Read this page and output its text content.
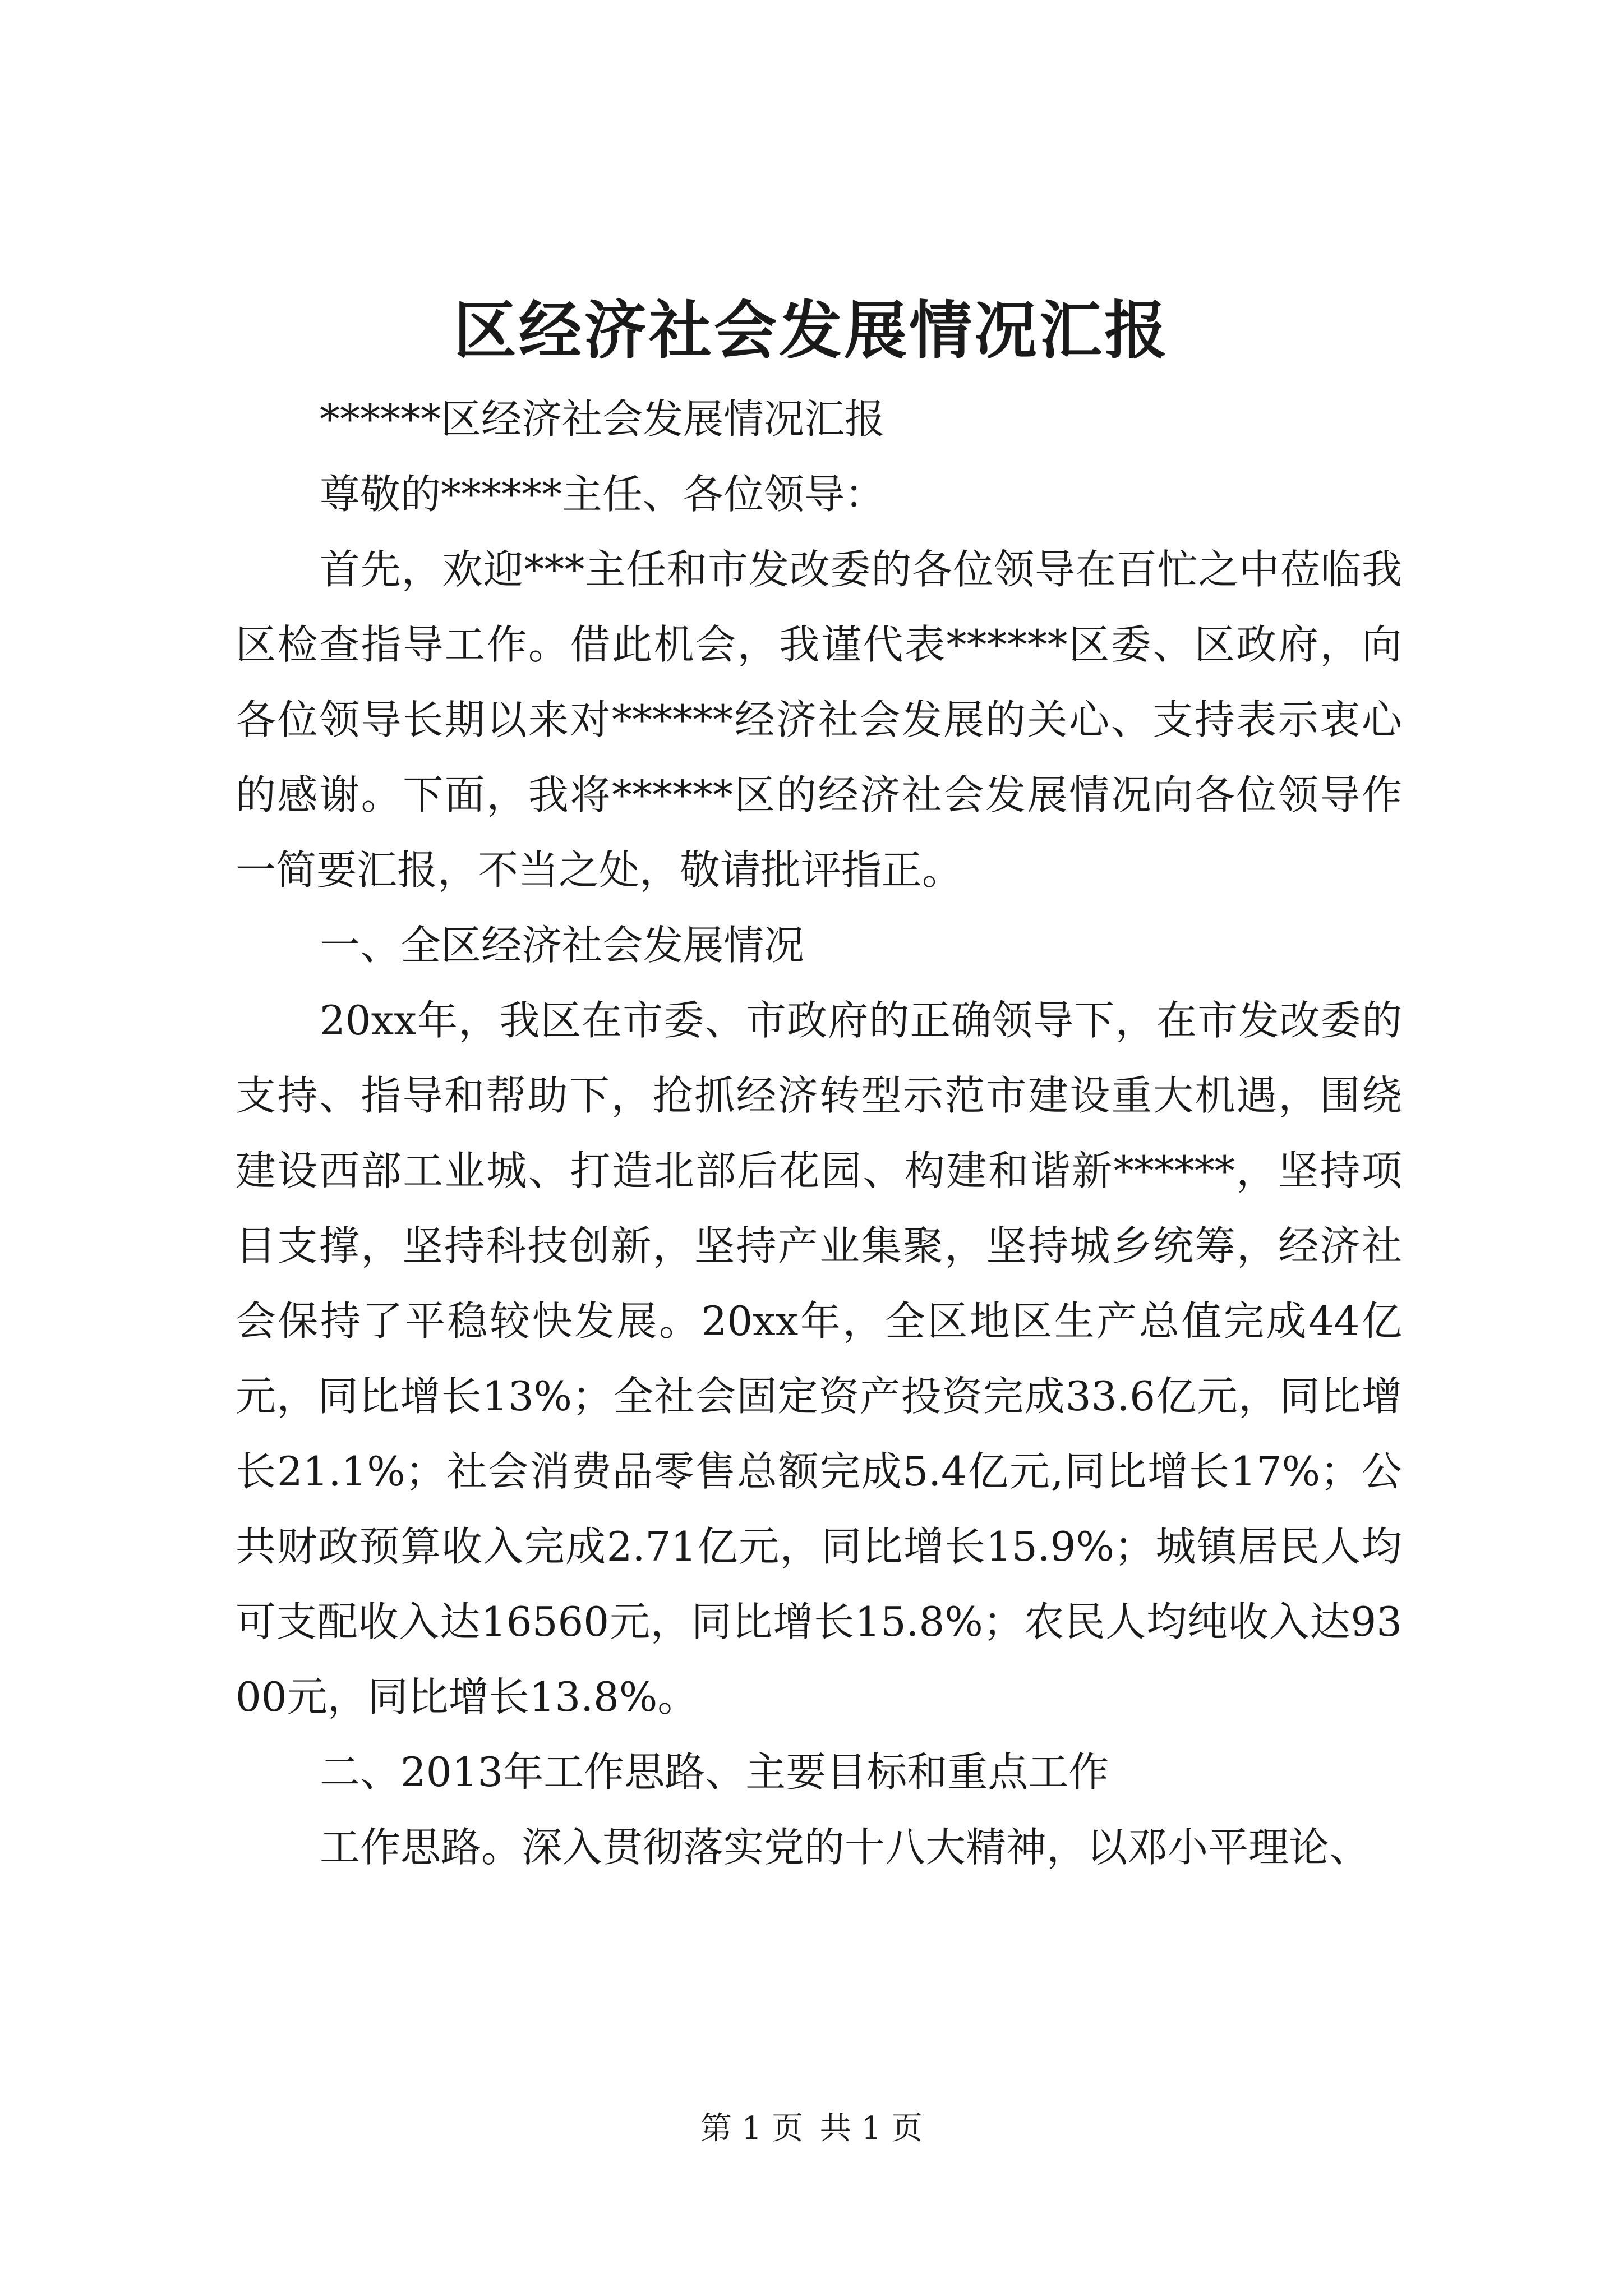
区经济社会发展情况汇报

******区经济社会发展情况汇报

尊敬的******主任、各位领导：

首先，欢迎***主任和市发改委的各位领导在百忙之中莅临我区检查指导工作。借此机会，我谨代表******区委、区政府，向各位领导长期以来对******经济社会发展的关心、支持表示衷心的感谢。下面，我将******区的经济社会发展情况向各位领导作一简要汇报，不当之处，敬请批评指正。

一、全区经济社会发展情况

20xx年，我区在市委、市政府的正确领导下，在市发改委的支持、指导和帮助下，抢抓经济转型示范市建设重大机遇，围绕建设西部工业城、打造北部后花园、构建和谐新******，坚持项目支撑，坚持科技创新，坚持产业集聚，坚持城乡统筹，经济社会保持了平稳较快发展。20xx年，全区地区生产总值完成44亿元，同比增长13%；全社会固定资产投资完成33.6亿元，同比增长21.1%；社会消费品零售总额完成5.4亿元,同比增长17%；公共财政预算收入完成2.71亿元，同比增长15.9%；城镇居民人均可支配收入达16560元，同比增长15.8%；农民人均纯收入达9300元，同比增长13.8%。

二、2013年工作思路、主要目标和重点工作

工作思路。深入贯彻落实党的十八大精神，以邓小平理论、

第 1 页 共 1 页
